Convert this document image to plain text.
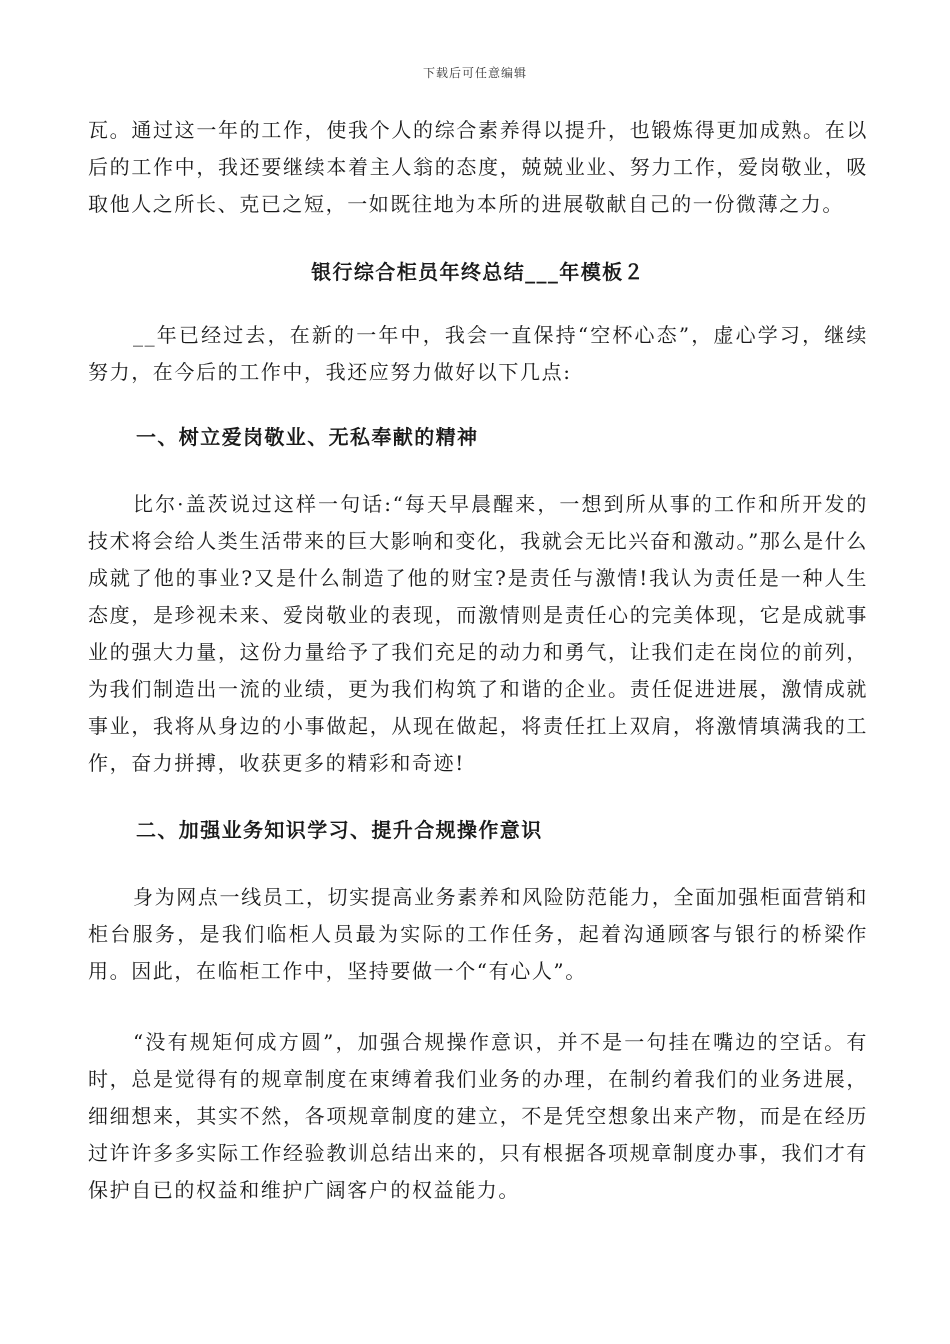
下载后可任意编辑

瓦。通过这一年的工作，使我个人的综合素养得以提升，也锻炼得更加成熟。在以后的工作中，我还要继续本着主人翁的态度，兢兢业业、努力工作，爱岗敬业，吸取他人之所长、克已之短，一如既往地为本所的进展敬献自己的一份微薄之力。

银行综合柜员年终总结___年模板２

__年已经过去，在新的一年中，我会一直保持“空杯心态”，虚心学习，继续努力，在今后的工作中，我还应努力做好以下几点:

一、树立爱岗敬业、无私奉献的精神

比尔·盖茨说过这样一句话:“每天早晨醒来，一想到所从事的工作和所开发的技术将会给人类生活带来的巨大影响和变化，我就会无比兴奋和激动。”那么是什么成就了他的事业?又是什么制造了他的财宝?是责任与激情!我认为责任是一种人生态度，是珍视未来、爱岗敬业的表现，而激情则是责任心的完美体现，它是成就事业的强大力量，这份力量给予了我们充足的动力和勇气，让我们走在岗位的前列，为我们制造出一流的业绩，更为我们构筑了和谐的企业。责任促进进展，激情成就事业，我将从身边的小事做起，从现在做起，将责任扛上双肩，将激情填满我的工作，奋力拼搏，收获更多的精彩和奇迹!

二、加强业务知识学习、提升合规操作意识

身为网点一线员工，切实提高业务素养和风险防范能力，全面加强柜面营销和柜台服务，是我们临柜人员最为实际的工作任务，起着沟通顾客与银行的桥梁作用。因此，在临柜工作中，坚持要做一个“有心人”。

“没有规矩何成方圆”，加强合规操作意识，并不是一句挂在嘴边的空话。有时，总是觉得有的规章制度在束缚着我们业务的办理，在制约着我们的业务进展，细细想来，其实不然，各项规章制度的建立，不是凭空想象出来产物，而是在经历过许许多多实际工作经验教训总结出来的，只有根据各项规章制度办事，我们才有保护自已的权益和维护广阔客户的权益能力。
